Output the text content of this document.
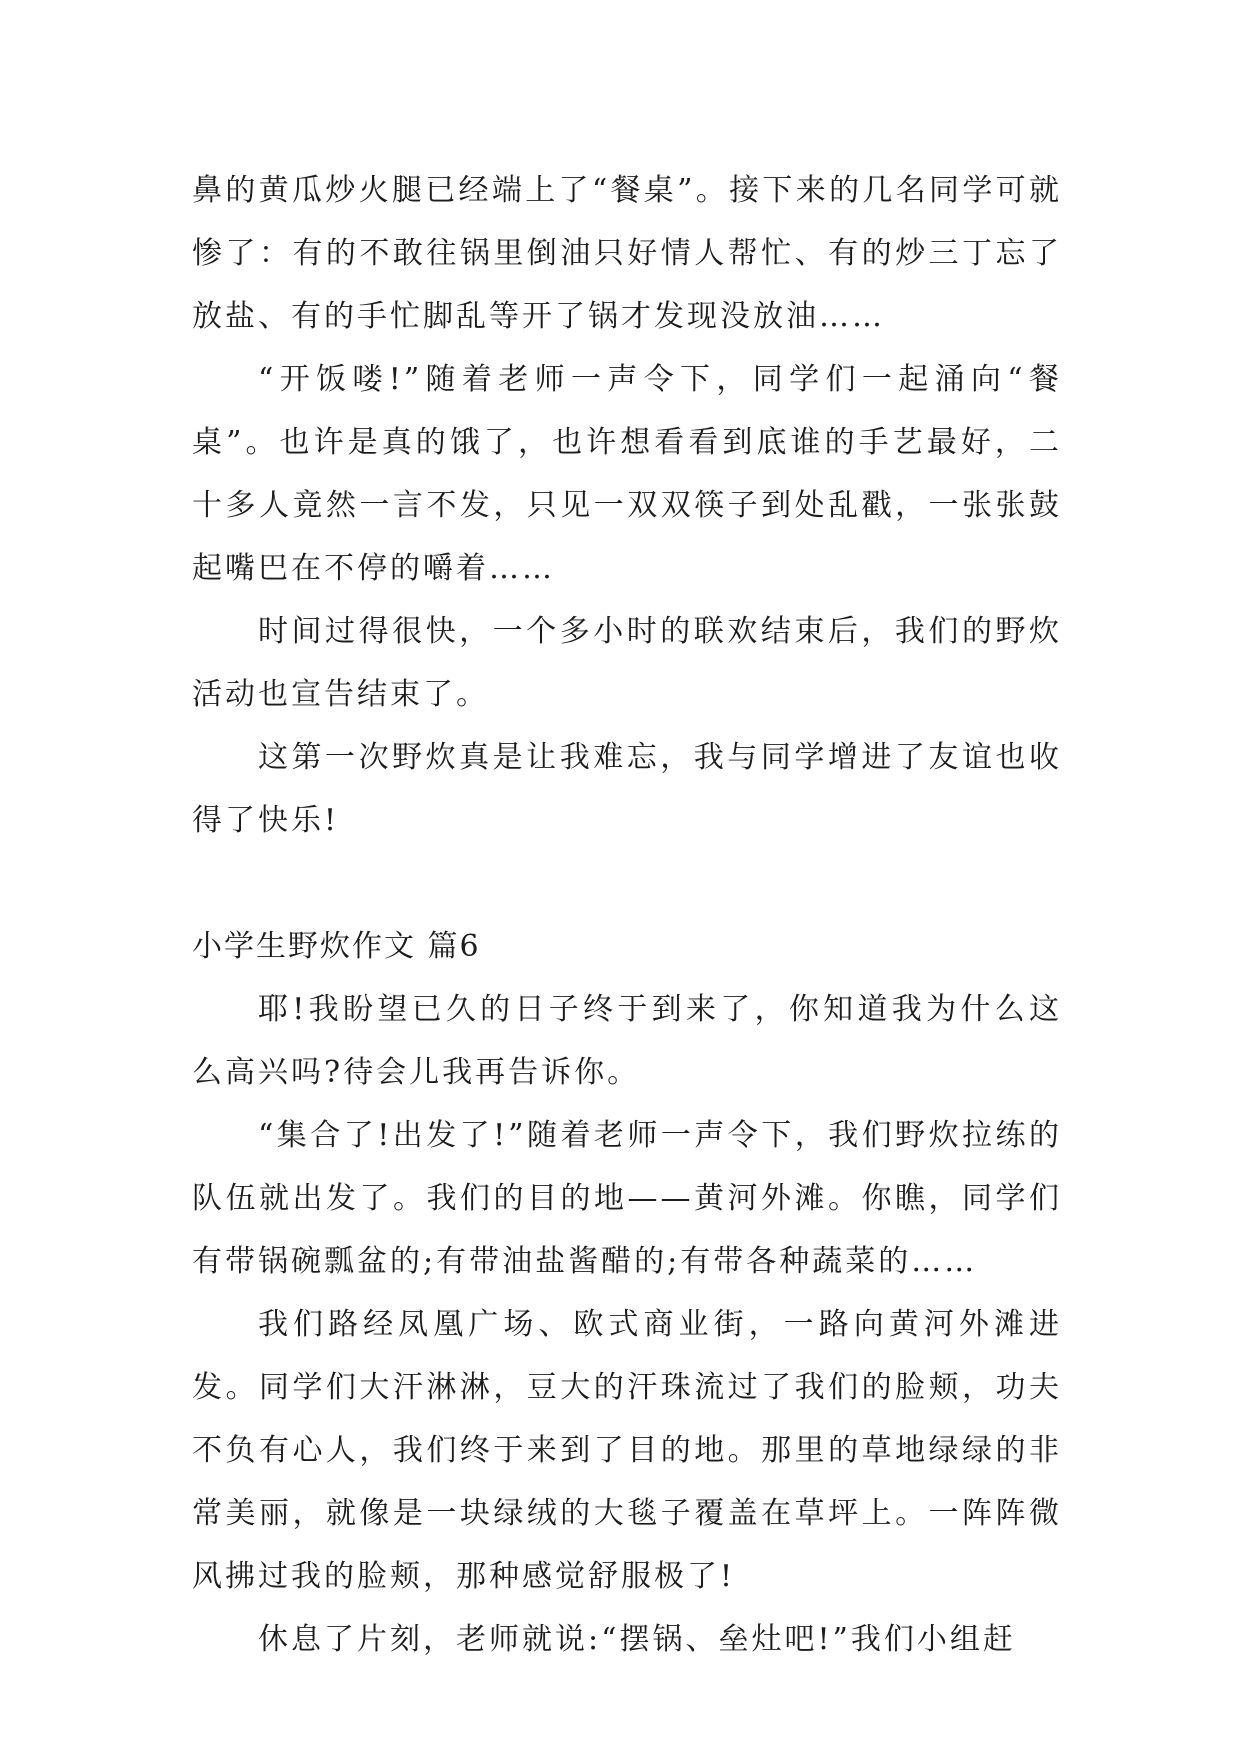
鼻的黄瓜炒火腿已经端上了“餐桌”。接下来的几名同学可就惨了：有的不敢往锅里倒油只好情人帮忙、有的炒三丁忘了放盐、有的手忙脚乱等开了锅才发现没放油……

“开饭喽!”随着老师一声令下，同学们一起涌向“餐桌”。也许是真的饿了，也许想看看到底谁的手艺最好，二十多人竟然一言不发，只见一双双筷子到处乱戳，一张张鼓起嘴巴在不停的嚼着……

时间过得很快，一个多小时的联欢结束后，我们的野炊活动也宣告结束了。

这第一次野炊真是让我难忘，我与同学增进了友谊也收得了快乐!

小学生野炊作文 篇6

耶!我盼望已久的日子终于到来了，你知道我为什么这么高兴吗?待会儿我再告诉你。

“集合了!出发了!”随着老师一声令下，我们野炊拉练的队伍就出发了。我们的目的地——黄河外滩。你瞧，同学们有带锅碗瓢盆的;有带油盐酱醋的;有带各种蔬菜的……

我们路经凤凰广场、欧式商业街，一路向黄河外滩进发。同学们大汗淋淋，豆大的汗珠流过了我们的脸颊，功夫不负有心人，我们终于来到了目的地。那里的草地绿绿的非常美丽，就像是一块绿绒的大毯子覆盖在草坪上。一阵阵微风拂过我的脸颊，那种感觉舒服极了!

休息了片刻，老师就说:“摆锅、垒灶吧!”我们小组赶
